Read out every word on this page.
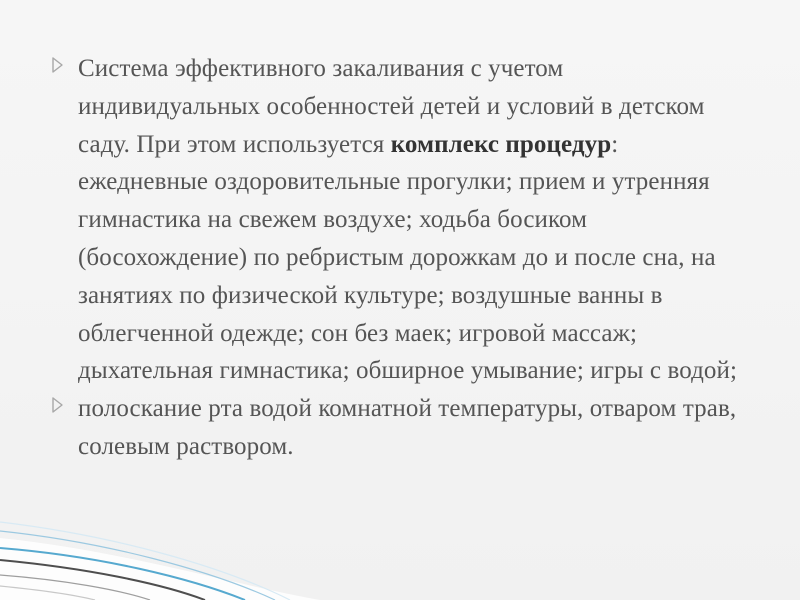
Система эффективного закаливания с учетом индивидуальных особенностей детей и условий в детском саду. При этом используется комплекс процедур: ежедневные оздоровительные прогулки; прием и утренняя гимнастика на свежем воздухе; ходьба босиком (босохождение) по ребристым дорожкам до и после сна, на занятиях по физической культуре; воздушные ванны в облегченной одежде; сон без маек; игровой массаж; дыхательная гимнастика; обширное умывание; игры с водой;
полоскание рта водой комнатной температуры, отваром трав, солевым раствором.
